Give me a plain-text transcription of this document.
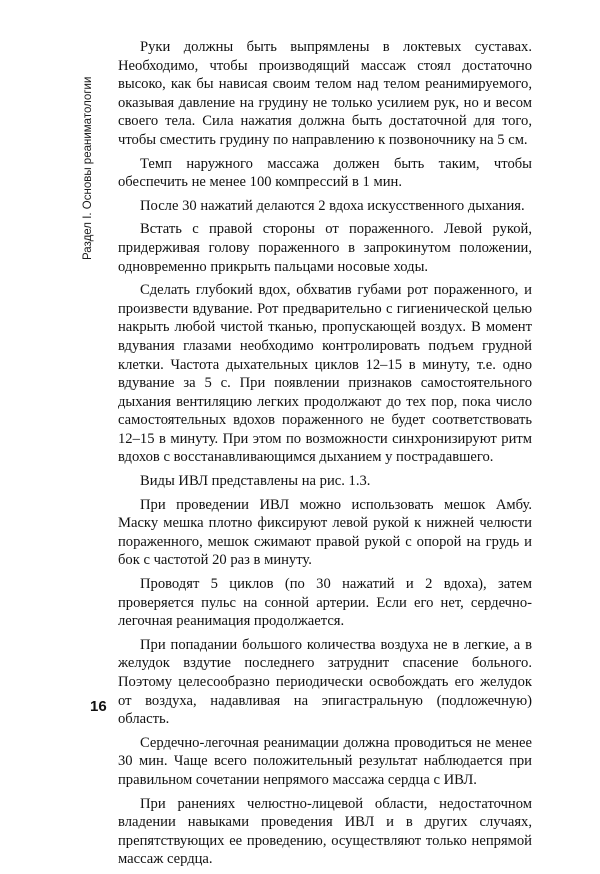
Раздел I. Основы реаниматологии

Руки должны быть выпрямлены в локтевых суставах. Необходимо, чтобы производящий массаж стоял достаточно высоко, как бы нависая своим телом над телом реанимируемого, оказывая давление на грудину не только усилием рук, но и весом своего тела. Сила нажатия должна быть достаточной для того, чтобы сместить грудину по направлению к позвоночнику на 5 см.

Темп наружного массажа должен быть таким, чтобы обеспечить не менее 100 компрессий в 1 мин.

После 30 нажатий делаются 2 вдоха искусственного дыхания.

Встать с правой стороны от пораженного. Левой рукой, придерживая голову пораженного в запрокинутом положении, одновременно прикрыть пальцами носовые ходы.

Сделать глубокий вдох, обхватив губами рот пораженного, и произвести вдувание. Рот предварительно с гигиенической целью накрыть любой чистой тканью, пропускающей воздух. В момент вдувания глазами необходимо контролировать подъем грудной клетки. Частота дыхательных циклов 12–15 в минуту, т.е. одно вдувание за 5 с. При появлении признаков самостоятельного дыхания вентиляцию легких продолжают до тех пор, пока число самостоятельных вдохов пораженного не будет соответствовать 12–15 в минуту. При этом по возможности синхронизируют ритм вдохов с восстанавливающимся дыханием у пострадавшего.

Виды ИВЛ представлены на рис. 1.3.

При проведении ИВЛ можно использовать мешок Амбу. Маску мешка плотно фиксируют левой рукой к нижней челюсти пораженного, мешок сжимают правой рукой с опорой на грудь и бок с частотой 20 раз в минуту.

Проводят 5 циклов (по 30 нажатий и 2 вдоха), затем проверяется пульс на сонной артерии. Если его нет, сердечно-легочная реанимация продолжается.

При попадании большого количества воздуха не в легкие, а в желудок вздутие последнего затруднит спасение больного. Поэтому целесообразно периодически освобождать его желудок от воздуха, надавливая на эпигастральную (подложечную) область.

Сердечно-легочная реанимации должна проводиться не менее 30 мин. Чаще всего положительный результат наблюдается при правильном сочетании непрямого массажа сердца с ИВЛ.

При ранениях челюстно-лицевой области, недостаточном владении навыками проведения ИВЛ и в других случаях, препятствующих ее проведению, осуществляют только непрямой массаж сердца.

16
